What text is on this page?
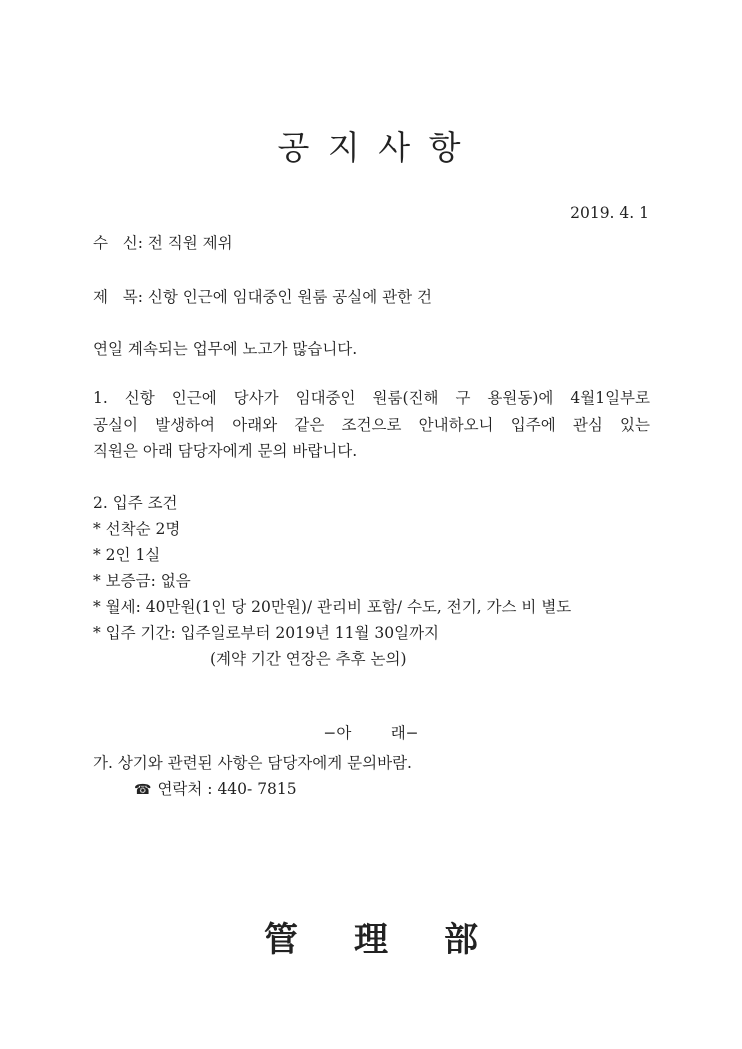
공 지 사 항
2019. 4. 1
수   신: 전 직원 제위
제   목: 신항 인근에 임대중인 원룸 공실에 관한 건
연일 계속되는 업무에 노고가 많습니다.
1. 신항 인근에 당사가 임대중인 원룸(진해 구 용원동)에 4월1일부로
공실이 발생하여 아래와 같은 조건으로 안내하오니 입주에 관심 있는
직원은 아래 담당자에게 문의 바랍니다.
2. 입주 조건
* 선착순 2명
* 2인 1실
* 보증금: 없음
* 월세: 40만원(1인 당 20만원)/ 관리비 포함/ 수도, 전기, 가스 비 별도
* 입주 기간: 입주일로부터 2019년 11월 30일까지
(계약 기간 연장은 추후 논의)
−아        래−
가. 상기와 관련된 사항은 담당자에게 문의바람.
☎ 연락처 : 440- 7815
管 理 部
